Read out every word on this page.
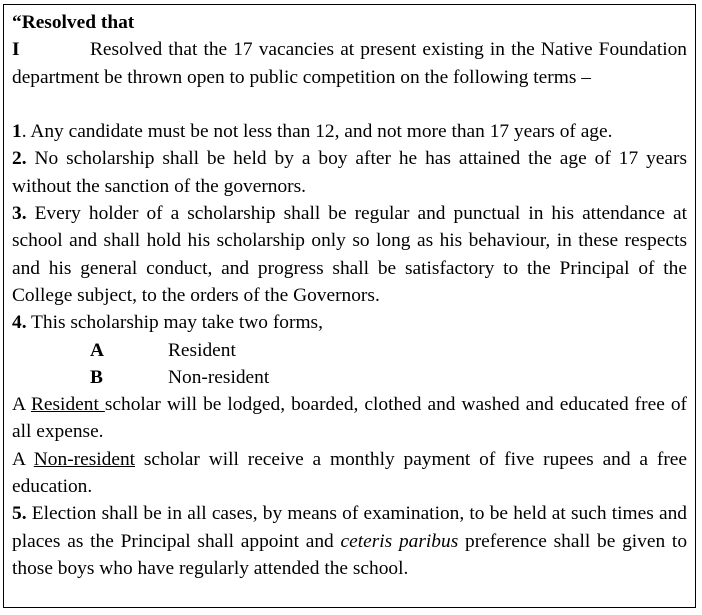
“Resolved that

I	Resolved that the 17 vacancies at present existing in the Native Foundation department be thrown open to public competition on the following terms –

1. Any candidate must be not less than 12, and not more than 17 years of age.

2. No scholarship shall be held by a boy after he has attained the age of 17 years without the sanction of the governors.

3. Every holder of a scholarship shall be regular and punctual in his attendance at school and shall hold his scholarship only so long as his behaviour, in these respects and his general conduct, and progress shall be satisfactory to the Principal of the College subject, to the orders of the Governors.

4. This scholarship may take two forms,

A	Resident
B	Non-resident

A Resident scholar will be lodged, boarded, clothed and washed and educated free of all expense.

A Non-resident scholar will receive a monthly payment of five rupees and a free education.

5. Election shall be in all cases, by means of examination, to be held at such times and places as the Principal shall appoint and ceteris paribus preference shall be given to those boys who have regularly attended the school.
